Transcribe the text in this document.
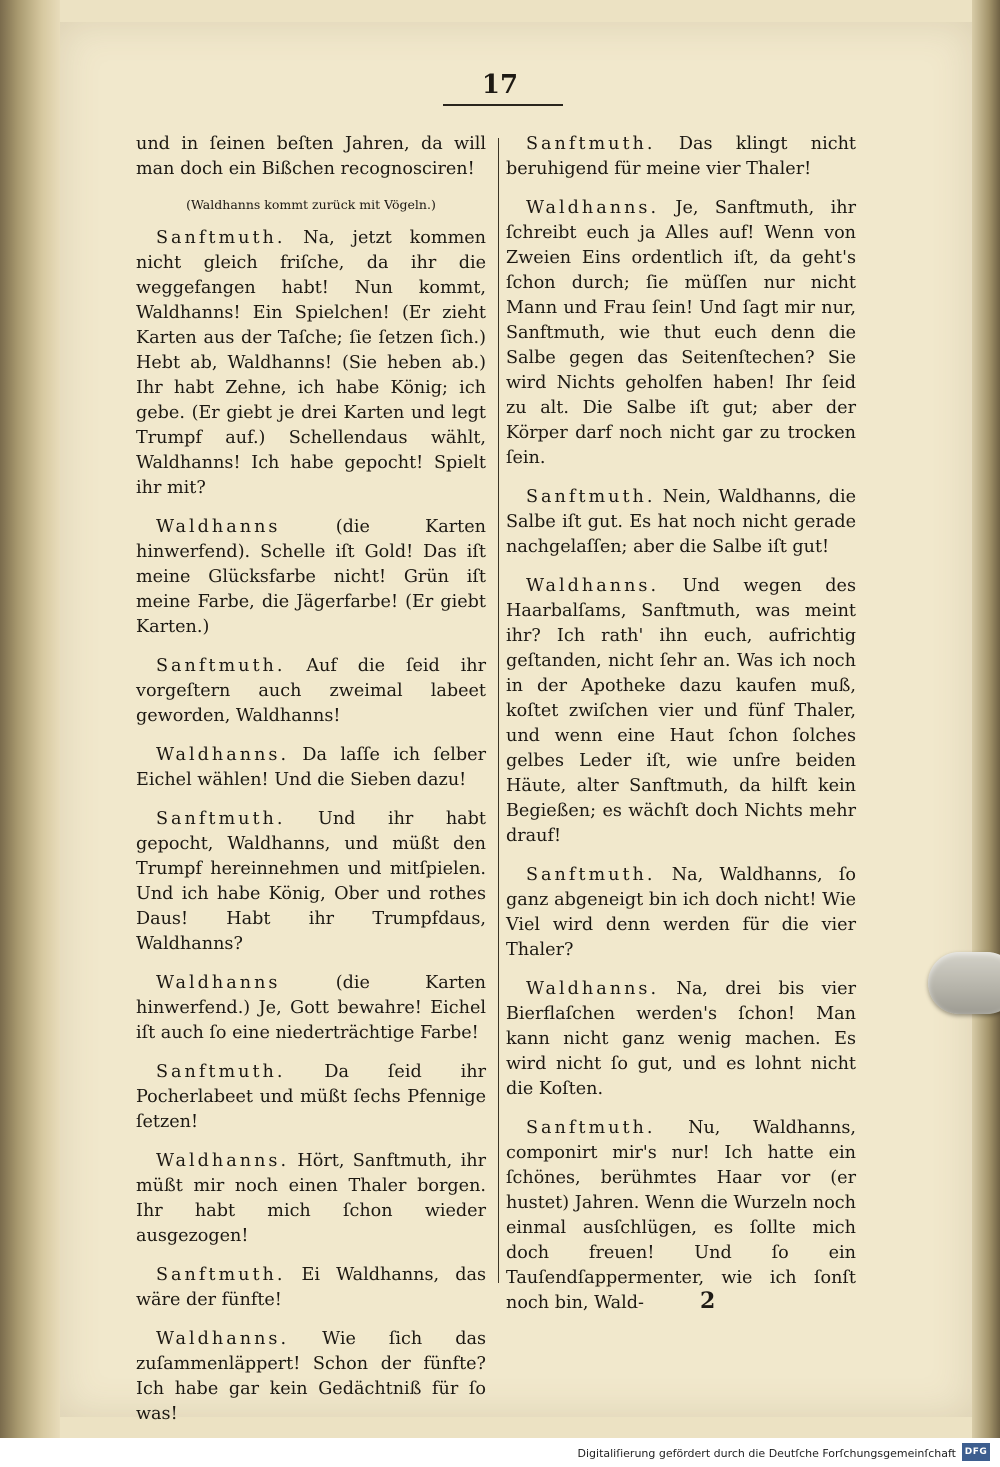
17

und in ſeinen beſten Jahren, da will man doch ein Bißchen recognosciren!

(Waldhanns kommt zurück mit Vögeln.)

Sanftmuth. Na, jetzt kommen nicht gleich friſche, da ihr die weggefangen habt! Nun kommt, Waldhanns! Ein Spielchen! (Er zieht Karten aus der Taſche; ſie ſetzen ſich.) Hebt ab, Waldhanns! (Sie heben ab.) Ihr habt Zehne, ich habe König; ich gebe. (Er giebt je drei Karten und legt Trumpf auf.) Schellendaus wählt, Waldhanns! Ich habe gepocht! Spielt ihr mit?

Waldhanns	(die Karten hinwerfend). Schelle iſt Gold! Das iſt meine Glücksfarbe nicht! Grün iſt meine Farbe, die Jägerfarbe! (Er giebt Karten.)

Sanftmuth. Auf die ſeid ihr vorgeſtern auch zweimal labeet geworden, Waldhanns!

Waldhanns. Da laſſe ich ſelber Eichel wählen! Und die Sieben dazu!

Sanftmuth. Und ihr habt gepocht, Waldhanns, und müßt den Trumpf hereinnehmen und mitſpielen. Und ich habe König, Ober und rothes Daus! Habt ihr Trumpfdaus, Waldhanns?

Waldhanns	(die Karten hinwerfend.) Je, Gott bewahre! Eichel iſt auch ſo eine niederträchtige Farbe!

Sanftmuth. Da ſeid ihr Pocherlabeet und müßt ſechs Pfennige ſetzen!

Waldhanns. Hört, Sanftmuth, ihr müßt mir noch einen Thaler borgen. Ihr habt mich ſchon wieder ausgezogen!

Sanftmuth. Ei Waldhanns, das wäre der fünfte!

Waldhanns. Wie ſich das zuſammenläppert! Schon der fünfte? Ich habe gar kein Gedächtniß für ſo was!

Sanftmuth. Das klingt nicht beruhigend für meine vier Thaler!

Waldhanns. Je, Sanftmuth, ihr ſchreibt euch ja Alles auf! Wenn von Zweien Eins ordentlich iſt, da geht's ſchon durch; ſie müſſen nur nicht Mann und Frau ſein! Und ſagt mir nur, Sanftmuth, wie thut euch denn die Salbe gegen das Seitenſtechen? Sie wird Nichts geholfen haben! Ihr ſeid zu alt. Die Salbe iſt gut; aber der Körper darf noch nicht gar zu trocken ſein.

Sanftmuth. Nein, Waldhanns, die Salbe iſt gut. Es hat noch nicht gerade nachgelaſſen; aber die Salbe iſt gut!

Waldhanns. Und wegen des Haarbalſams, Sanftmuth, was meint ihr? Ich rath' ihn euch, aufrichtig geſtanden, nicht ſehr an. Was ich noch in der Apotheke dazu kaufen muß, koſtet zwiſchen vier und fünf Thaler, und wenn eine Haut ſchon ſolches gelbes Leder iſt, wie unſre beiden Häute, alter Sanftmuth, da hilft kein Begießen; es wächſt doch Nichts mehr drauf!

Sanftmuth. Na, Waldhanns, ſo ganz abgeneigt bin ich doch nicht! Wie Viel wird denn werden für die vier Thaler?

Waldhanns. Na, drei bis vier Bierflaſchen werden's ſchon! Man kann nicht ganz wenig machen. Es wird nicht ſo gut, und es lohnt nicht die Koſten.

Sanftmuth. Nu, Waldhanns, componirt mir's nur! Ich hatte ein ſchönes, berühmtes Haar vor (er hustet) Jahren. Wenn die Wurzeln noch einmal ausſchlügen, es ſollte mich doch freuen! Und ſo ein Tauſendſappermenter, wie ich ſonſt noch bin, Wald-	2
Digitaliſierung gefördert durch die Deutſche Forſchungsgemeinſchaft DFG
